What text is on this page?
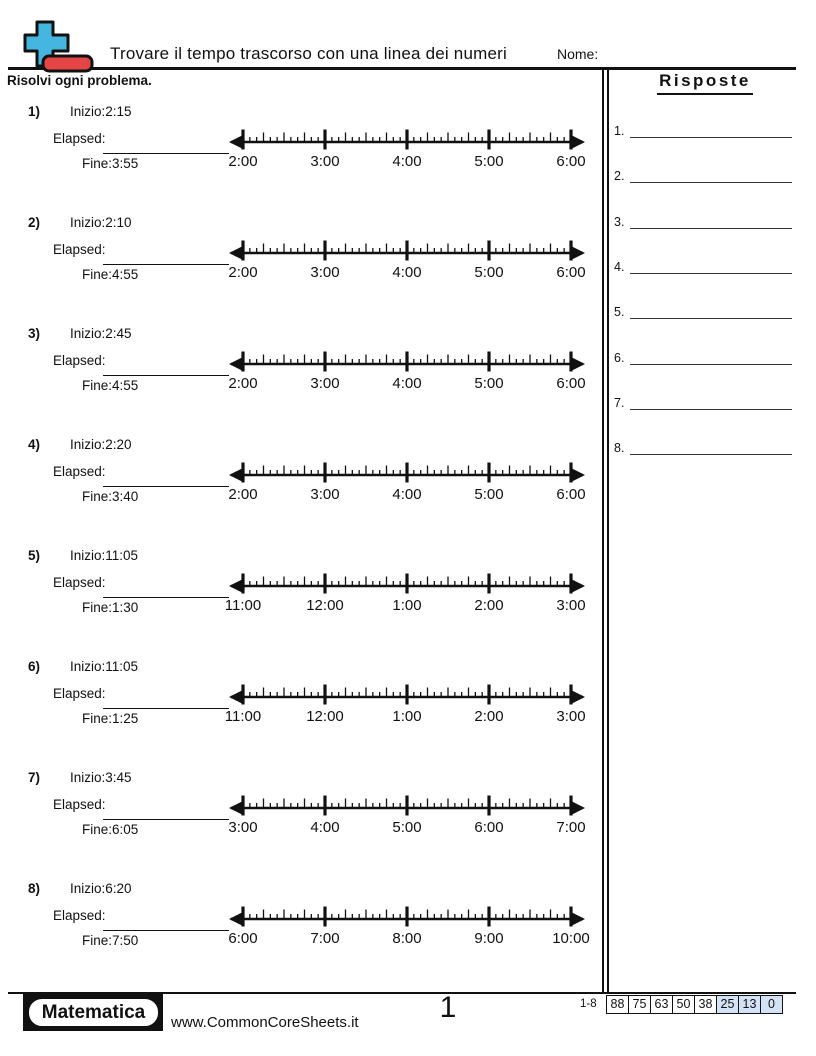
Trovare il tempo trascorso con una linea dei numeri	Nome:
Risolvi ogni problema.
1) Inizio:2:15
Elapsed:
Fine:3:55	2:00	3:00	4:00	5:00	6:00
2) Inizio:2:10
Elapsed:
Fine:4:55	2:00	3:00	4:00	5:00	6:00
3) Inizio:2:45
Elapsed:
Fine:4:55	2:00	3:00	4:00	5:00	6:00
4) Inizio:2:20
Elapsed:
Fine:3:40	2:00	3:00	4:00	5:00	6:00
5) Inizio:11:05
Elapsed:
Fine:1:30	11:00	12:00	1:00	2:00	3:00
6) Inizio:11:05
Elapsed:
Fine:1:25	11:00	12:00	1:00	2:00	3:00
7) Inizio:3:45
Elapsed:
Fine:6:05	3:00	4:00	5:00	6:00	7:00
8) Inizio:6:20
Elapsed:
Fine:7:50	6:00	7:00	8:00	9:00	10:00
Risposte
1.
2.
3.
4.
5.
6.
7.
8.
Matematica	www.CommonCoreSheets.it	1	1-8 88 75 63 50 38 25 13 0
